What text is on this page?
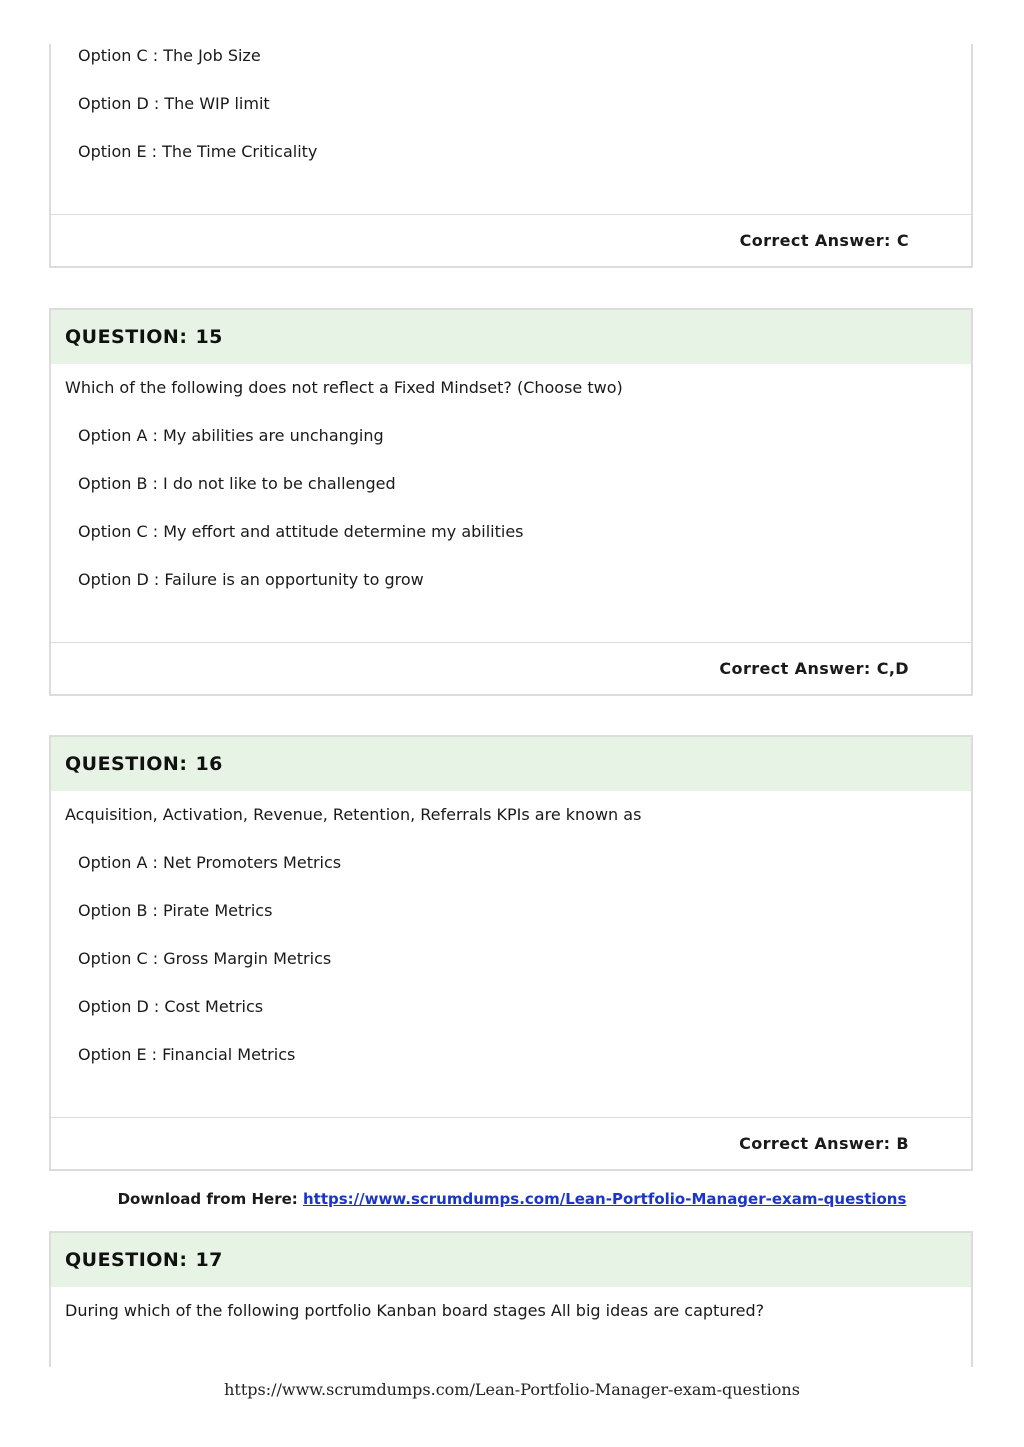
Option C : The Job Size
Option D : The WIP limit
Option E : The Time Criticality
Correct Answer:
C
QUESTION: 15
Which of the following does not reflect a Fixed Mindset? (Choose two)
Option A : My abilities are unchanging
Option B : I do not like to be challenged
Option C : My effort and attitude determine my abilities
Option D : Failure is an opportunity to grow
Correct Answer:
C,D
QUESTION: 16
Acquisition, Activation, Revenue, Retention, Referrals KPIs are known as
Option A : Net Promoters Metrics
Option B : Pirate Metrics
Option C : Gross Margin Metrics
Option D : Cost Metrics
Option E : Financial Metrics
Correct Answer:
B
Download from Here: https://www.scrumdumps.com/Lean-Portfolio-Manager-exam-questions
QUESTION: 17
During which of the following portfolio Kanban board stages All big ideas are captured?
https://www.scrumdumps.com/Lean-Portfolio-Manager-exam-questions
